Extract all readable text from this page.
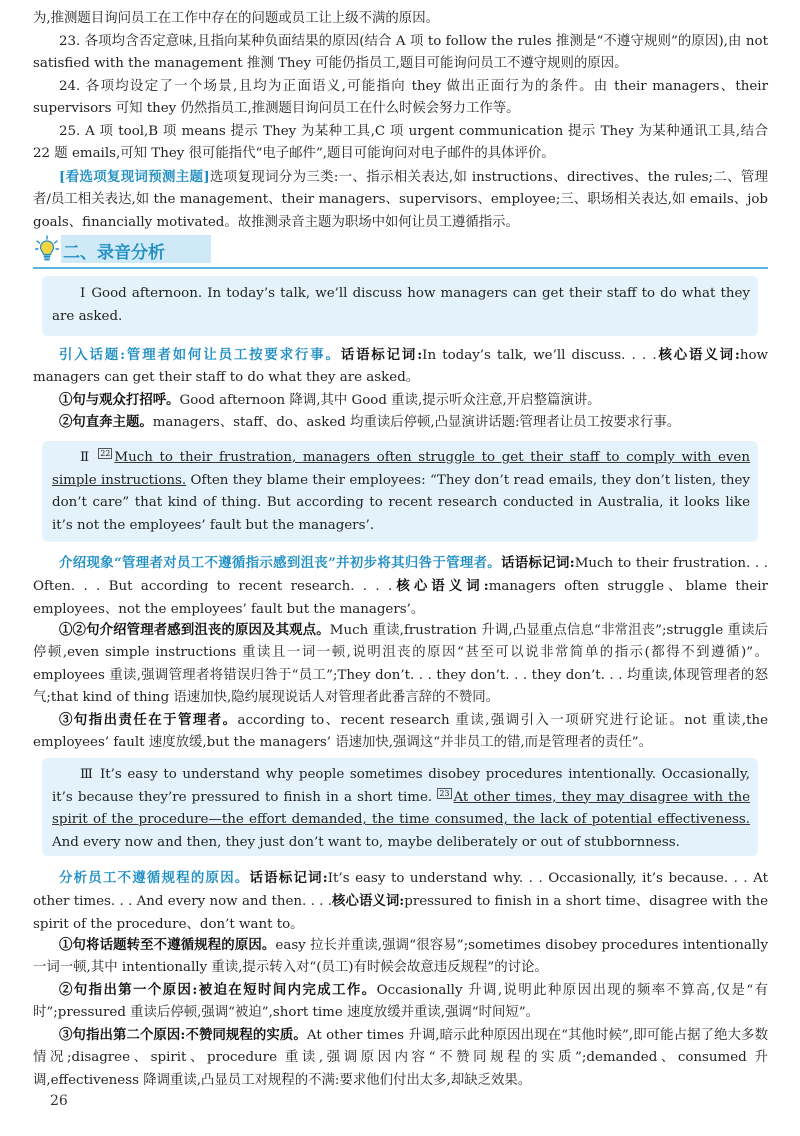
为,推测题目询问员工在工作中存在的问题或员工让上级不满的原因。

23. 各项均含否定意味,且指向某种负面结果的原因(结合 A 项 to follow the rules 推测是“不遵守规则”的原因),由 not satisfied with the management 推测 They 可能仍指员工,题目可能询问员工不遵守规则的原因。

24. 各项均设定了一个场景,且均为正面语义,可能指向 they 做出正面行为的条件。由 their managers、their supervisors 可知 they 仍然指员工,推测题目询问员工在什么时候会努力工作等。

25. A 项 tool,B 项 means 提示 They 为某种工具,C 项 urgent communication 提示 They 为某种通讯工具,结合 22 题 emails,可知 They 很可能指代“电子邮件”,题目可能询问对电子邮件的具体评价。

[看选项复现词预测主题]选项复现词分为三类:一、指示相关表达,如 instructions、directives、the rules;二、管理者/员工相关表达,如 the management、their managers、supervisors、employee;三、职场相关表达,如 emails、job goals、financially motivated。故推测录音主题为职场中如何让员工遵循指示。

二、录音分析

Ⅰ Good afternoon. In today’s talk, we’ll discuss how managers can get their staff to do what they are asked.

引入话题:管理者如何让员工按要求行事。话语标记词:In today’s talk, we’ll discuss. . . .核心语义词:how managers can get their staff to do what they are asked。

①句与观众打招呼。Good afternoon 降调,其中 Good 重读,提示听众注意,开启整篇演讲。

②句直奔主题。managers、staff、do、asked 均重读后停顿,凸显演讲话题:管理者让员工按要求行事。

Ⅱ $^{22}$ Much to their frustration, managers often struggle to get their staff to comply with even simple instructions. Often they blame their employees: “They don’t read emails, they don’t listen, they don’t care” that kind of thing. But according to recent research conducted in Australia, it looks like it’s not the employees’ fault but the managers’.

介绍现象“管理者对员工不遵循指示感到沮丧”并初步将其归咎于管理者。话语标记词:Much to their frustration. . . Often. . . But according to recent research. . . .核心语义词:managers often struggle、blame their employees、not the employees’ fault but the managers’。

①②句介绍管理者感到沮丧的原因及其观点。Much 重读,frustration 升调,凸显重点信息“非常沮丧”;struggle 重读后停顿,even simple instructions 重读且一词一顿,说明沮丧的原因“甚至可以说非常简单的指示(都得不到遵循)”。employees 重读,强调管理者将错误归咎于“员工”;They don’t. . . they don’t. . . they don’t. . . 均重读,体现管理者的怒气;that kind of thing 语速加快,隐约展现说话人对管理者此番言辞的不赞同。

③句指出责任在于管理者。according to、recent research 重读,强调引入一项研究进行论证。not 重读,the employees’ fault 速度放缓,but the managers’ 语速加快,强调这“并非员工的错,而是管理者的责任”。

Ⅲ It’s easy to understand why people sometimes disobey procedures intentionally. Occasionally, it’s because they’re pressured to finish in a short time. $^{23}$ At other times, they may disagree with the spirit of the procedure—the effort demanded, the time consumed, the lack of potential effectiveness. And every now and then, they just don’t want to, maybe deliberately or out of stubbornness.

分析员工不遵循规程的原因。话语标记词:It’s easy to understand why. . . Occasionally, it’s because. . . At other times. . . And every now and then. . . .核心语义词:pressured to finish in a short time、disagree with the spirit of the procedure、don’t want to。

①句将话题转至不遵循规程的原因。easy 拉长并重读,强调“很容易”;sometimes disobey procedures intentionally 一词一顿,其中 intentionally 重读,提示转入对“(员工)有时候会故意违反规程”的讨论。

②句指出第一个原因:被迫在短时间内完成工作。Occasionally 升调,说明此种原因出现的频率不算高,仅是“有时”;pressured 重读后停顿,强调“被迫”,short time 速度放缓并重读,强调“时间短”。

③句指出第二个原因:不赞同规程的实质。At other times 升调,暗示此种原因出现在“其他时候”,即可能占据了绝大多数情况;disagree、spirit、procedure 重读,强调原因内容“不赞同规程的实质”;demanded、consumed 升调,effectiveness 降调重读,凸显员工对规程的不满:要求他们付出太多,却缺乏效果。

26
